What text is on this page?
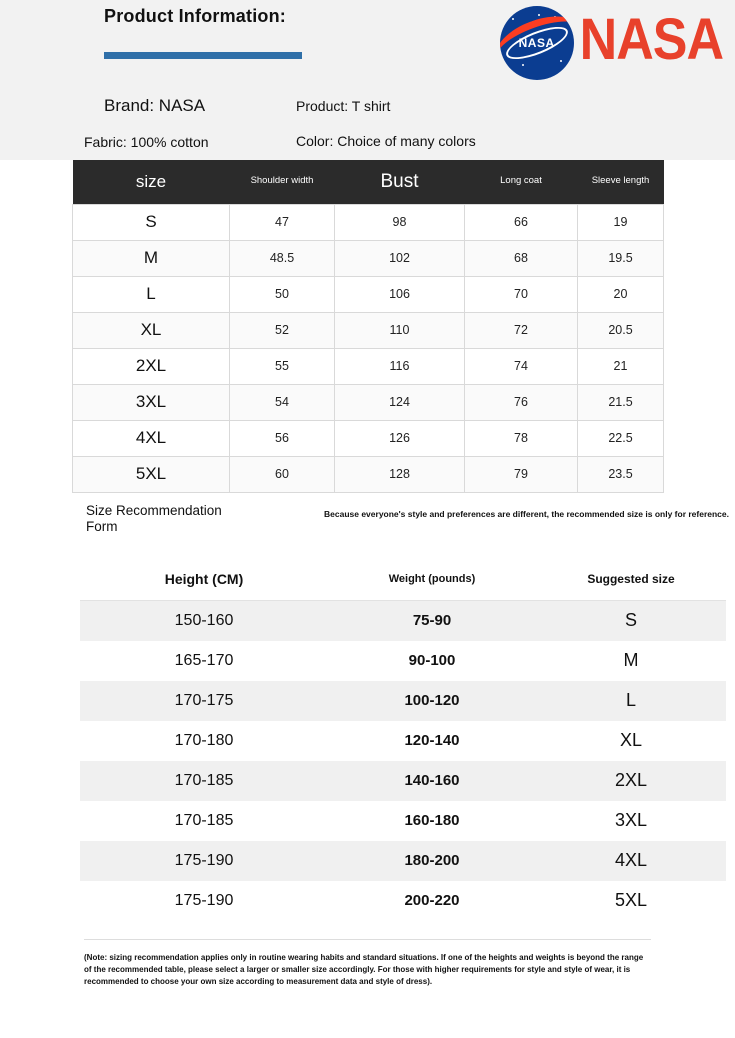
Product Information:
NASA NASA
Brand: NASA
Fabric: 100% cotton
Product: T shirt
Color: Choice of many colors
size	Shoulder width	Bust	Long coat	Sleeve length
S	47	98	66	19
M	48.5	102	68	19.5
L	50	106	70	20
XL	52	110	72	20.5
2XL	55	116	74	21
3XL	54	124	76	21.5
4XL	56	126	78	22.5
5XL	60	128	79	23.5
Size Recommendation Form
Because everyone's style and preferences are different, the recommended size is only for reference.
Height (CM)	Weight (pounds)	Suggested size
150-160	75-90	S
165-170	90-100	M
170-175	100-120	L
170-180	120-140	XL
170-185	140-160	2XL
170-185	160-180	3XL
175-190	180-200	4XL
175-190	200-220	5XL
(Note: sizing recommendation applies only in routine wearing habits and standard situations. If one of the heights and weights is beyond the range of the recommended table, please select a larger or smaller size accordingly. For those with higher requirements for style and style of wear, it is recommended to choose your own size according to measurement data and style of dress).
